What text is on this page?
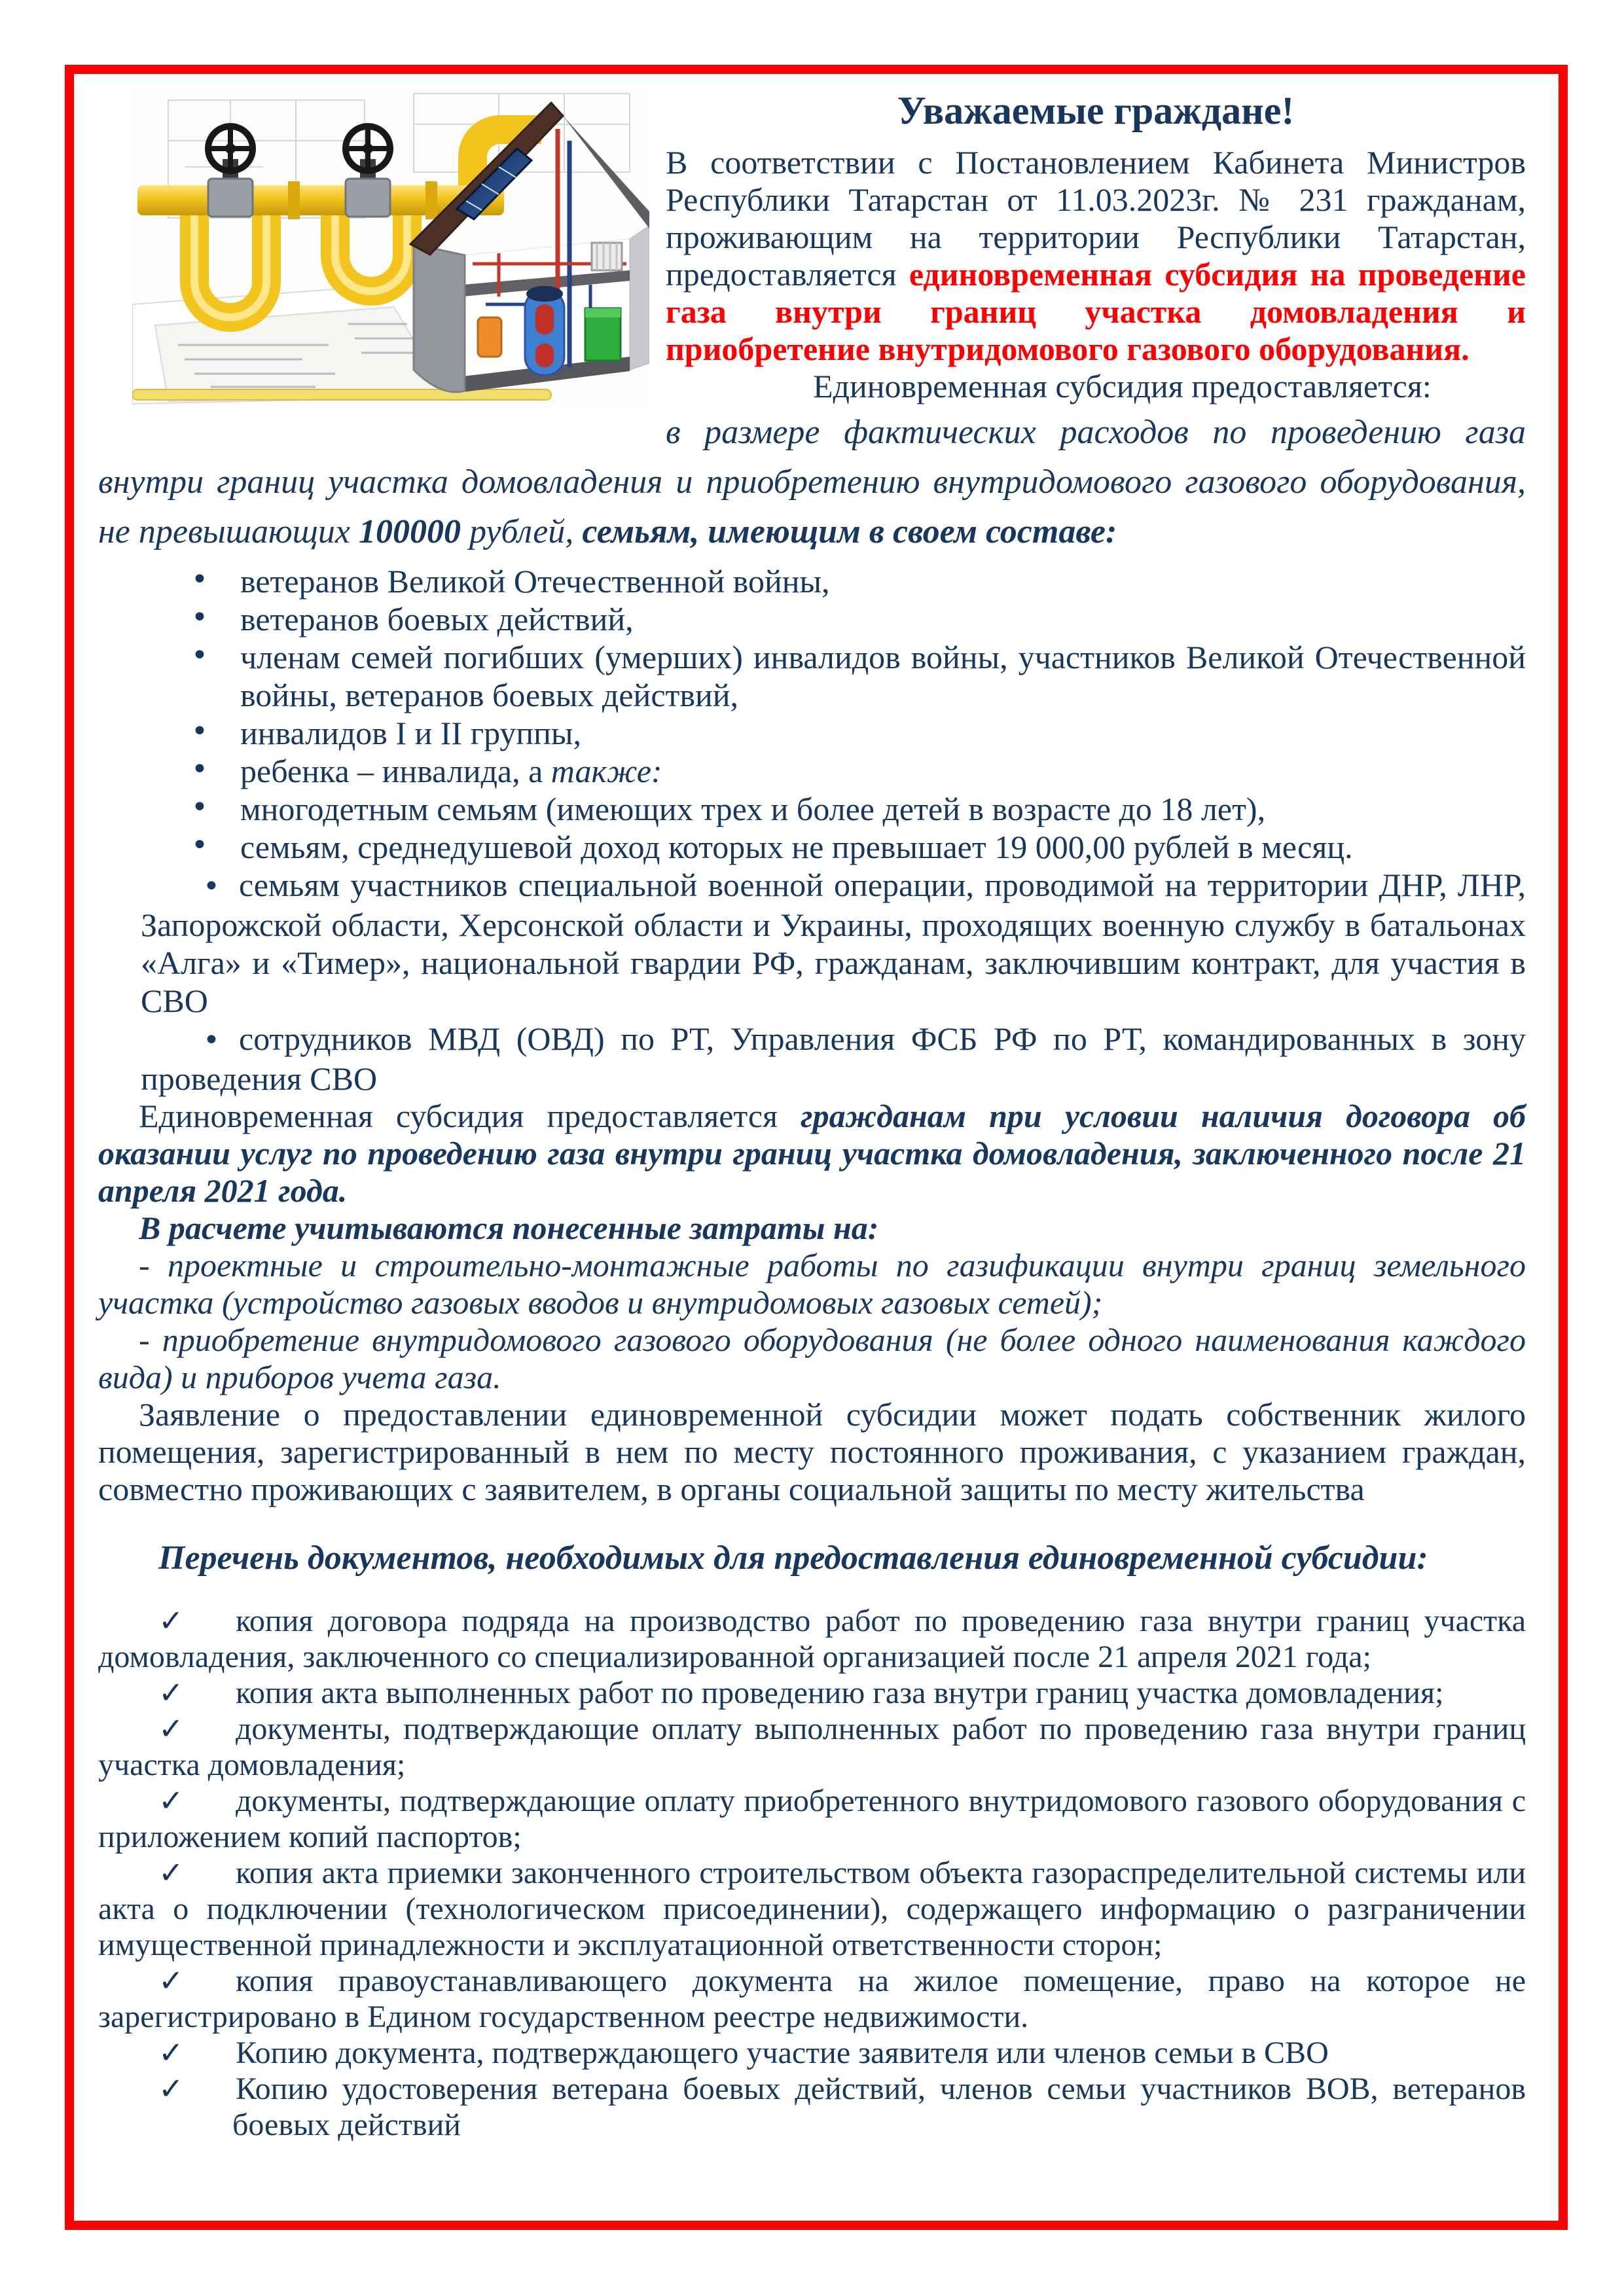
Уважаемые граждане!

В соответствии с Постановлением Кабинета Министров Республики Татарстан от 11.03.2023г. № 231 гражданам, проживающим на территории Республики Татарстан, предоставляется единовременная субсидия на проведение газа внутри границ участка домовладения и приобретение внутридомового газового оборудования.

Единовременная субсидия предоставляется:

в размере фактических расходов по проведению газа внутри границ участка домовладения и приобретению внутридомового газового оборудования, не превышающих 100000 рублей, семьям, имеющим в своем составе:

• ветеранов Великой Отечественной войны,
• ветеранов боевых действий,
• членам семей погибших (умерших) инвалидов войны, участников Великой Отечественной войны, ветеранов боевых действий,
• инвалидов I и II группы,
• ребенка – инвалида, а также:
• многодетным семьям (имеющих трех и более детей в возрасте до 18 лет),
• семьям, среднедушевой доход которых не превышает 19 000,00 рублей в месяц.

• семьям участников специальной военной операции, проводимой на территории ДНР, ЛНР, Запорожской области, Херсонской области и Украины, проходящих военную службу в батальонах «Алга» и «Тимер», национальной гвардии РФ, гражданам, заключившим контракт, для участия в СВО

• сотрудников МВД (ОВД) по РТ, Управления ФСБ РФ по РТ, командированных в зону проведения СВО

Единовременная субсидия предоставляется гражданам при условии наличия договора об оказании услуг по проведению газа внутри границ участка домовладения, заключенного после 21 апреля 2021 года.

В расчете учитываются понесенные затраты на:

- проектные и строительно-монтажные работы по газификации внутри границ земельного участка (устройство газовых вводов и внутридомовых газовых сетей);

- приобретение внутридомового газового оборудования (не более одного наименования каждого вида) и приборов учета газа.

Заявление о предоставлении единовременной субсидии может подать собственник жилого помещения, зарегистрированный в нем по месту постоянного проживания, с указанием граждан, совместно проживающих с заявителем, в органы социальной защиты по месту жительства

Перечень документов, необходимых для предоставления единовременной субсидии:

✓ копия договора подряда на производство работ по проведению газа внутри границ участка домовладения, заключенного со специализированной организацией после 21 апреля 2021 года;

✓ копия акта выполненных работ по проведению газа внутри границ участка домовладения;

✓ документы, подтверждающие оплату выполненных работ по проведению газа внутри границ участка домовладения;

✓ документы, подтверждающие оплату приобретенного внутридомового газового оборудования с приложением копий паспортов;

✓ копия акта приемки законченного строительством объекта газораспределительной системы или акта о подключении (технологическом присоединении), содержащего информацию о разграничении имущественной принадлежности и эксплуатационной ответственности сторон;

✓ копия правоустанавливающего документа на жилое помещение, право на которое не зарегистрировано в Едином государственном реестре недвижимости.

✓ Копию документа, подтверждающего участие заявителя или членов семьи в СВО

✓ Копию удостоверения ветерана боевых действий, членов семьи участников ВОВ, ветеранов боевых действий
